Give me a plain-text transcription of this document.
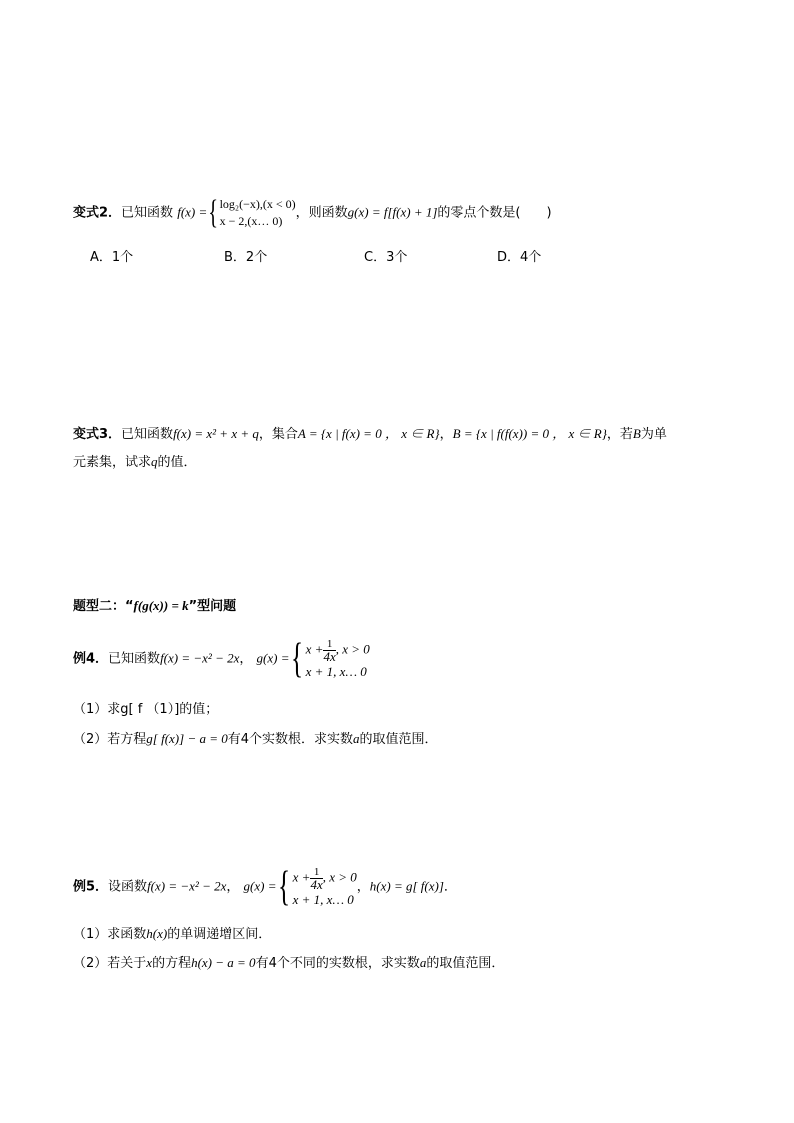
变式2．已知函数 f(x) ={ log₂(−x),(x < 0)
x − 2,(x… 0)
，则函数g(x) = f[f(x) + 1]的零点个数是(　　)
A．1个	B．2个	C．3个	D．4个
变式3．已知函数f(x) = x² + x + q，集合A = {x | f(x) = 0 ， x ∈ R}，B = {x | f(f(x)) = 0 ， x ∈ R}，若B为单
元素集，试求q的值．
题型二：“f(g(x)) = k”型问题
例4．已知函数f(x) = −x² − 2x， g(x) ={ $x + \frac{1}{4x}$ , x > 0
x + 1, x… 0
（1）求g[ f （1）]的值；
（2）若方程g[ f(x)] − a = 0有4个实数根．求实数a的取值范围．
例5．设函数f(x) = −x² − 2x， g(x) ={ $x + \frac{1}{4x}$ , x > 0
x + 1, x… 0
，h(x) = g[ f(x)]．
（1）求函数h(x)的单调递增区间．
（2）若关于x的方程h(x) − a = 0有4个不同的实数根，求实数a的取值范围．
